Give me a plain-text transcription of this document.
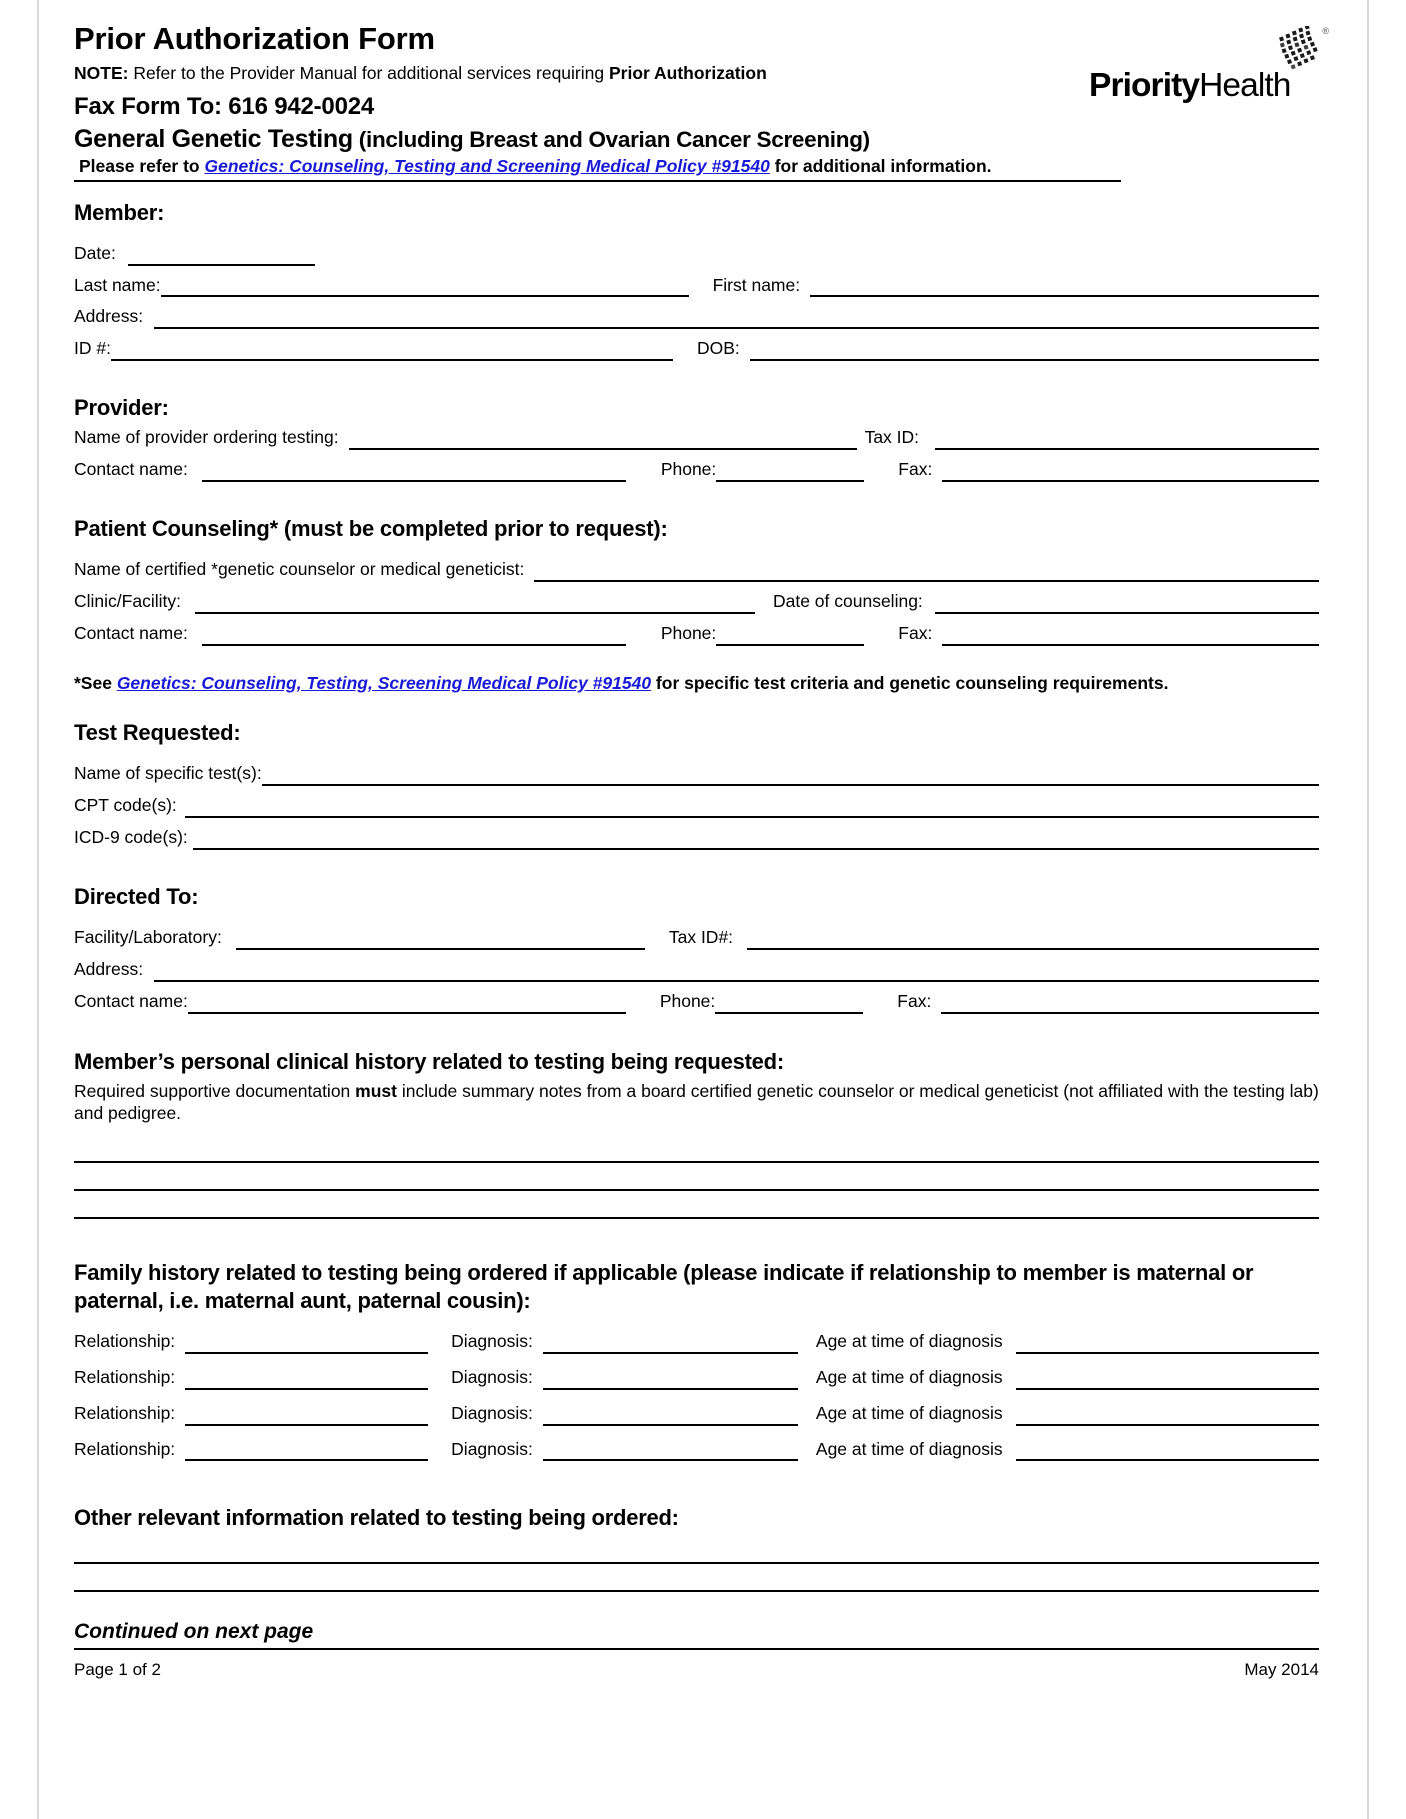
®
PriorityHealth
Prior Authorization Form
NOTE: Refer to the Provider Manual for additional services requiring Prior Authorization
Fax Form To: 616 942-0024
General Genetic Testing (including Breast and Ovarian Cancer Screening)
Please refer to Genetics: Counseling, Testing and Screening Medical Policy #91540 for additional information.
Member:
Date:
Last name:	First name:
Address:
ID #:	DOB:
Provider:
Name of provider ordering testing:	Tax ID:
Contact name:	Phone:	Fax:
Patient Counseling* (must be completed prior to request):
Name of certified *genetic counselor or medical geneticist:
Clinic/Facility:	Date of counseling:
Contact name:	Phone:	Fax:
*See Genetics: Counseling, Testing, Screening Medical Policy #91540 for specific test criteria and genetic counseling requirements.
Test Requested:
Name of specific test(s):
CPT code(s):
ICD-9 code(s):
Directed To:
Facility/Laboratory:	Tax ID#:
Address:
Contact name:	Phone:	Fax:
Member’s personal clinical history related to testing being requested:
Required supportive documentation must include summary notes from a board certified genetic counselor or medical geneticist (not affiliated with the testing lab) and pedigree.
Family history related to testing being ordered if applicable (please indicate if relationship to member is maternal or paternal, i.e. maternal aunt, paternal cousin):
Relationship:	Diagnosis:	Age at time of diagnosis
Relationship:	Diagnosis:	Age at time of diagnosis
Relationship:	Diagnosis:	Age at time of diagnosis
Relationship:	Diagnosis:	Age at time of diagnosis
Other relevant information related to testing being ordered:
Continued on next page
Page 1 of 2	May 2014
